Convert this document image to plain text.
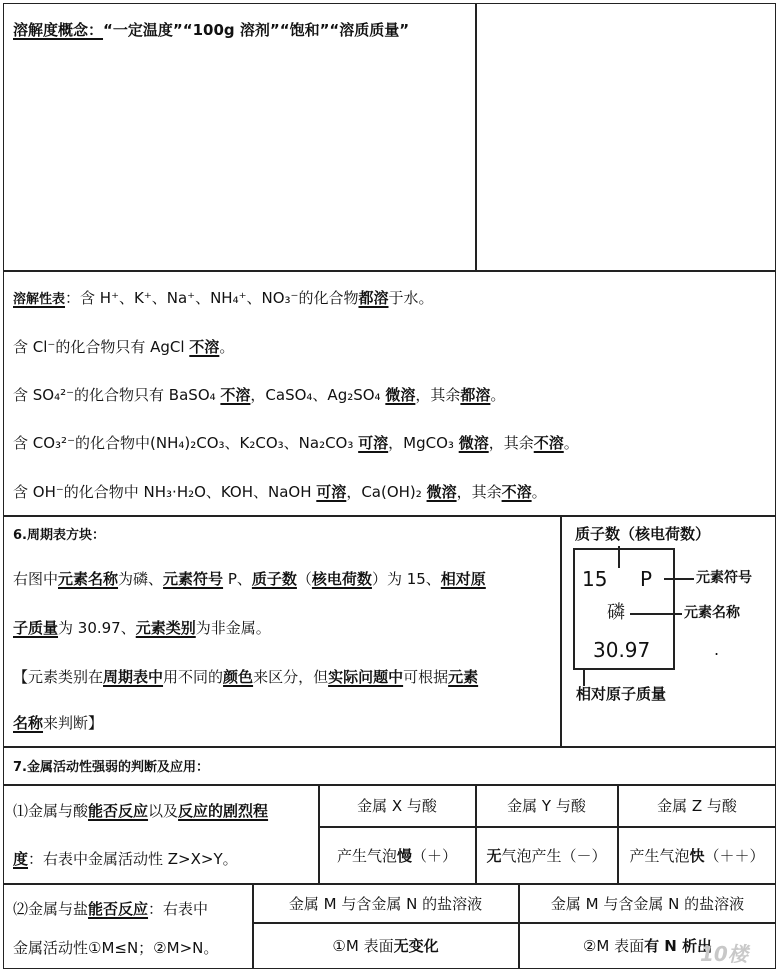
溶解度概念：“一定温度”“100g 溶剂”“饱和”“溶质质量”
溶解性表：含 H⁺、K⁺、Na⁺、NH₄⁺、NO₃⁻的化合物都溶于水。
含 Cl⁻的化合物只有 AgCl 不溶。
含 SO₄²⁻的化合物只有 BaSO₄ 不溶，CaSO₄、Ag₂SO₄ 微溶，其余都溶。
含 CO₃²⁻的化合物中(NH₄)₂CO₃、K₂CO₃、Na₂CO₃ 可溶，MgCO₃ 微溶，其余不溶。
含 OH⁻的化合物中 NH₃·H₂O、KOH、NaOH 可溶，Ca(OH)₂ 微溶，其余不溶。
6.周期表方块：
右图中元素名称为磷、元素符号 P、质子数（核电荷数）为 15、相对原
子质量为 30.97、元素类别为非金属。
【元素类别在周期表中用不同的颜色来区分，但实际问题中可根据元素
名称来判断】
质子数（核电荷数）
15 P
磷
30.97
元素符号
元素名称
.
相对原子质量
7.金属活动性强弱的判断及应用：
⑴金属与酸能否反应以及反应的剧烈程
度：右表中金属活动性 Z>X>Y。
金属 X 与酸	金属 Y 与酸	金属 Z 与酸
产生气泡慢（＋）	无气泡产生（－）	产生气泡快（＋＋）
⑵金属与盐能否反应：右表中
金属活动性①M≤N；②M>N。
金属 M 与含金属 N 的盐溶液	金属 M 与含金属 N 的盐溶液
①M 表面无变化	②M 表面有 N 析出
10楼
